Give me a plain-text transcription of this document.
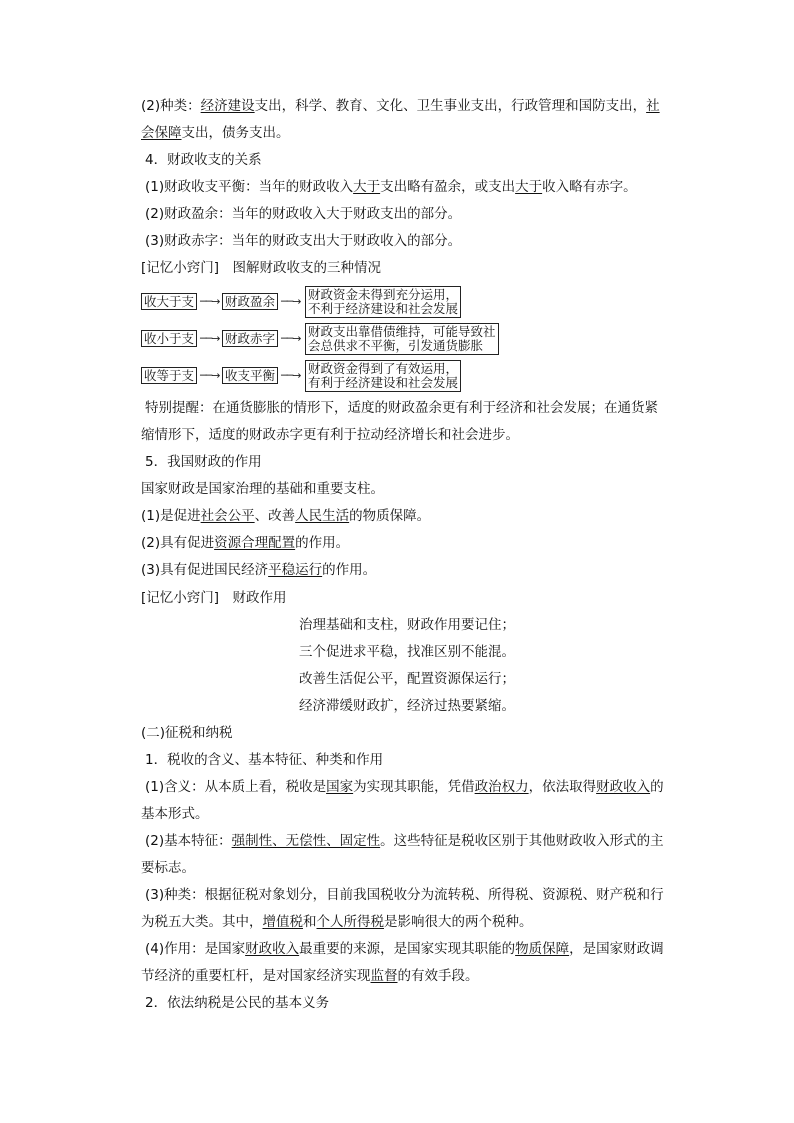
(2)种类：经济建设支出，科学、教育、文化、卫生事业支出，行政管理和国防支出，社
会保障支出，债务支出。
4．财政收支的关系
(1)财政收支平衡：当年的财政收入大于支出略有盈余，或支出大于收入略有赤字。
(2)财政盈余：当年的财政收入大于财政支出的部分。
(3)财政赤字：当年的财政支出大于财政收入的部分。
[记忆小窍门]　图解财政收支的三种情况
收大于支 ──→ 财政盈余 ──→ 财政资金未得到充分运用，
不利于经济建设和社会发展
收小于支 ──→ 财政赤字 ──→ 财政支出靠借债维持，可能导致社
会总供求不平衡，引发通货膨胀
收等于支 ──→ 收支平衡 ──→ 财政资金得到了有效运用，
有利于经济建设和社会发展
特别提醒：在通货膨胀的情形下，适度的财政盈余更有利于经济和社会发展；在通货紧
缩情形下，适度的财政赤字更有利于拉动经济增长和社会进步。
5．我国财政的作用
国家财政是国家治理的基础和重要支柱。
(1)是促进社会公平、改善人民生活的物质保障。
(2)具有促进资源合理配置的作用。
(3)具有促进国民经济平稳运行的作用。
[记忆小窍门]　财政作用
治理基础和支柱，财政作用要记住；
三个促进求平稳，找准区别不能混。
改善生活促公平，配置资源保运行；
经济滞缓财政扩，经济过热要紧缩。
(二)征税和纳税
1．税收的含义、基本特征、种类和作用
(1)含义：从本质上看，税收是国家为实现其职能，凭借政治权力，依法取得财政收入的
基本形式。
(2)基本特征：强制性、无偿性、固定性。这些特征是税收区别于其他财政收入形式的主
要标志。
(3)种类：根据征税对象划分，目前我国税收分为流转税、所得税、资源税、财产税和行
为税五大类。其中，增值税和个人所得税是影响很大的两个税种。
(4)作用：是国家财政收入最重要的来源，是国家实现其职能的物质保障，是国家财政调
节经济的重要杠杆，是对国家经济实现监督的有效手段。
2．依法纳税是公民的基本义务
